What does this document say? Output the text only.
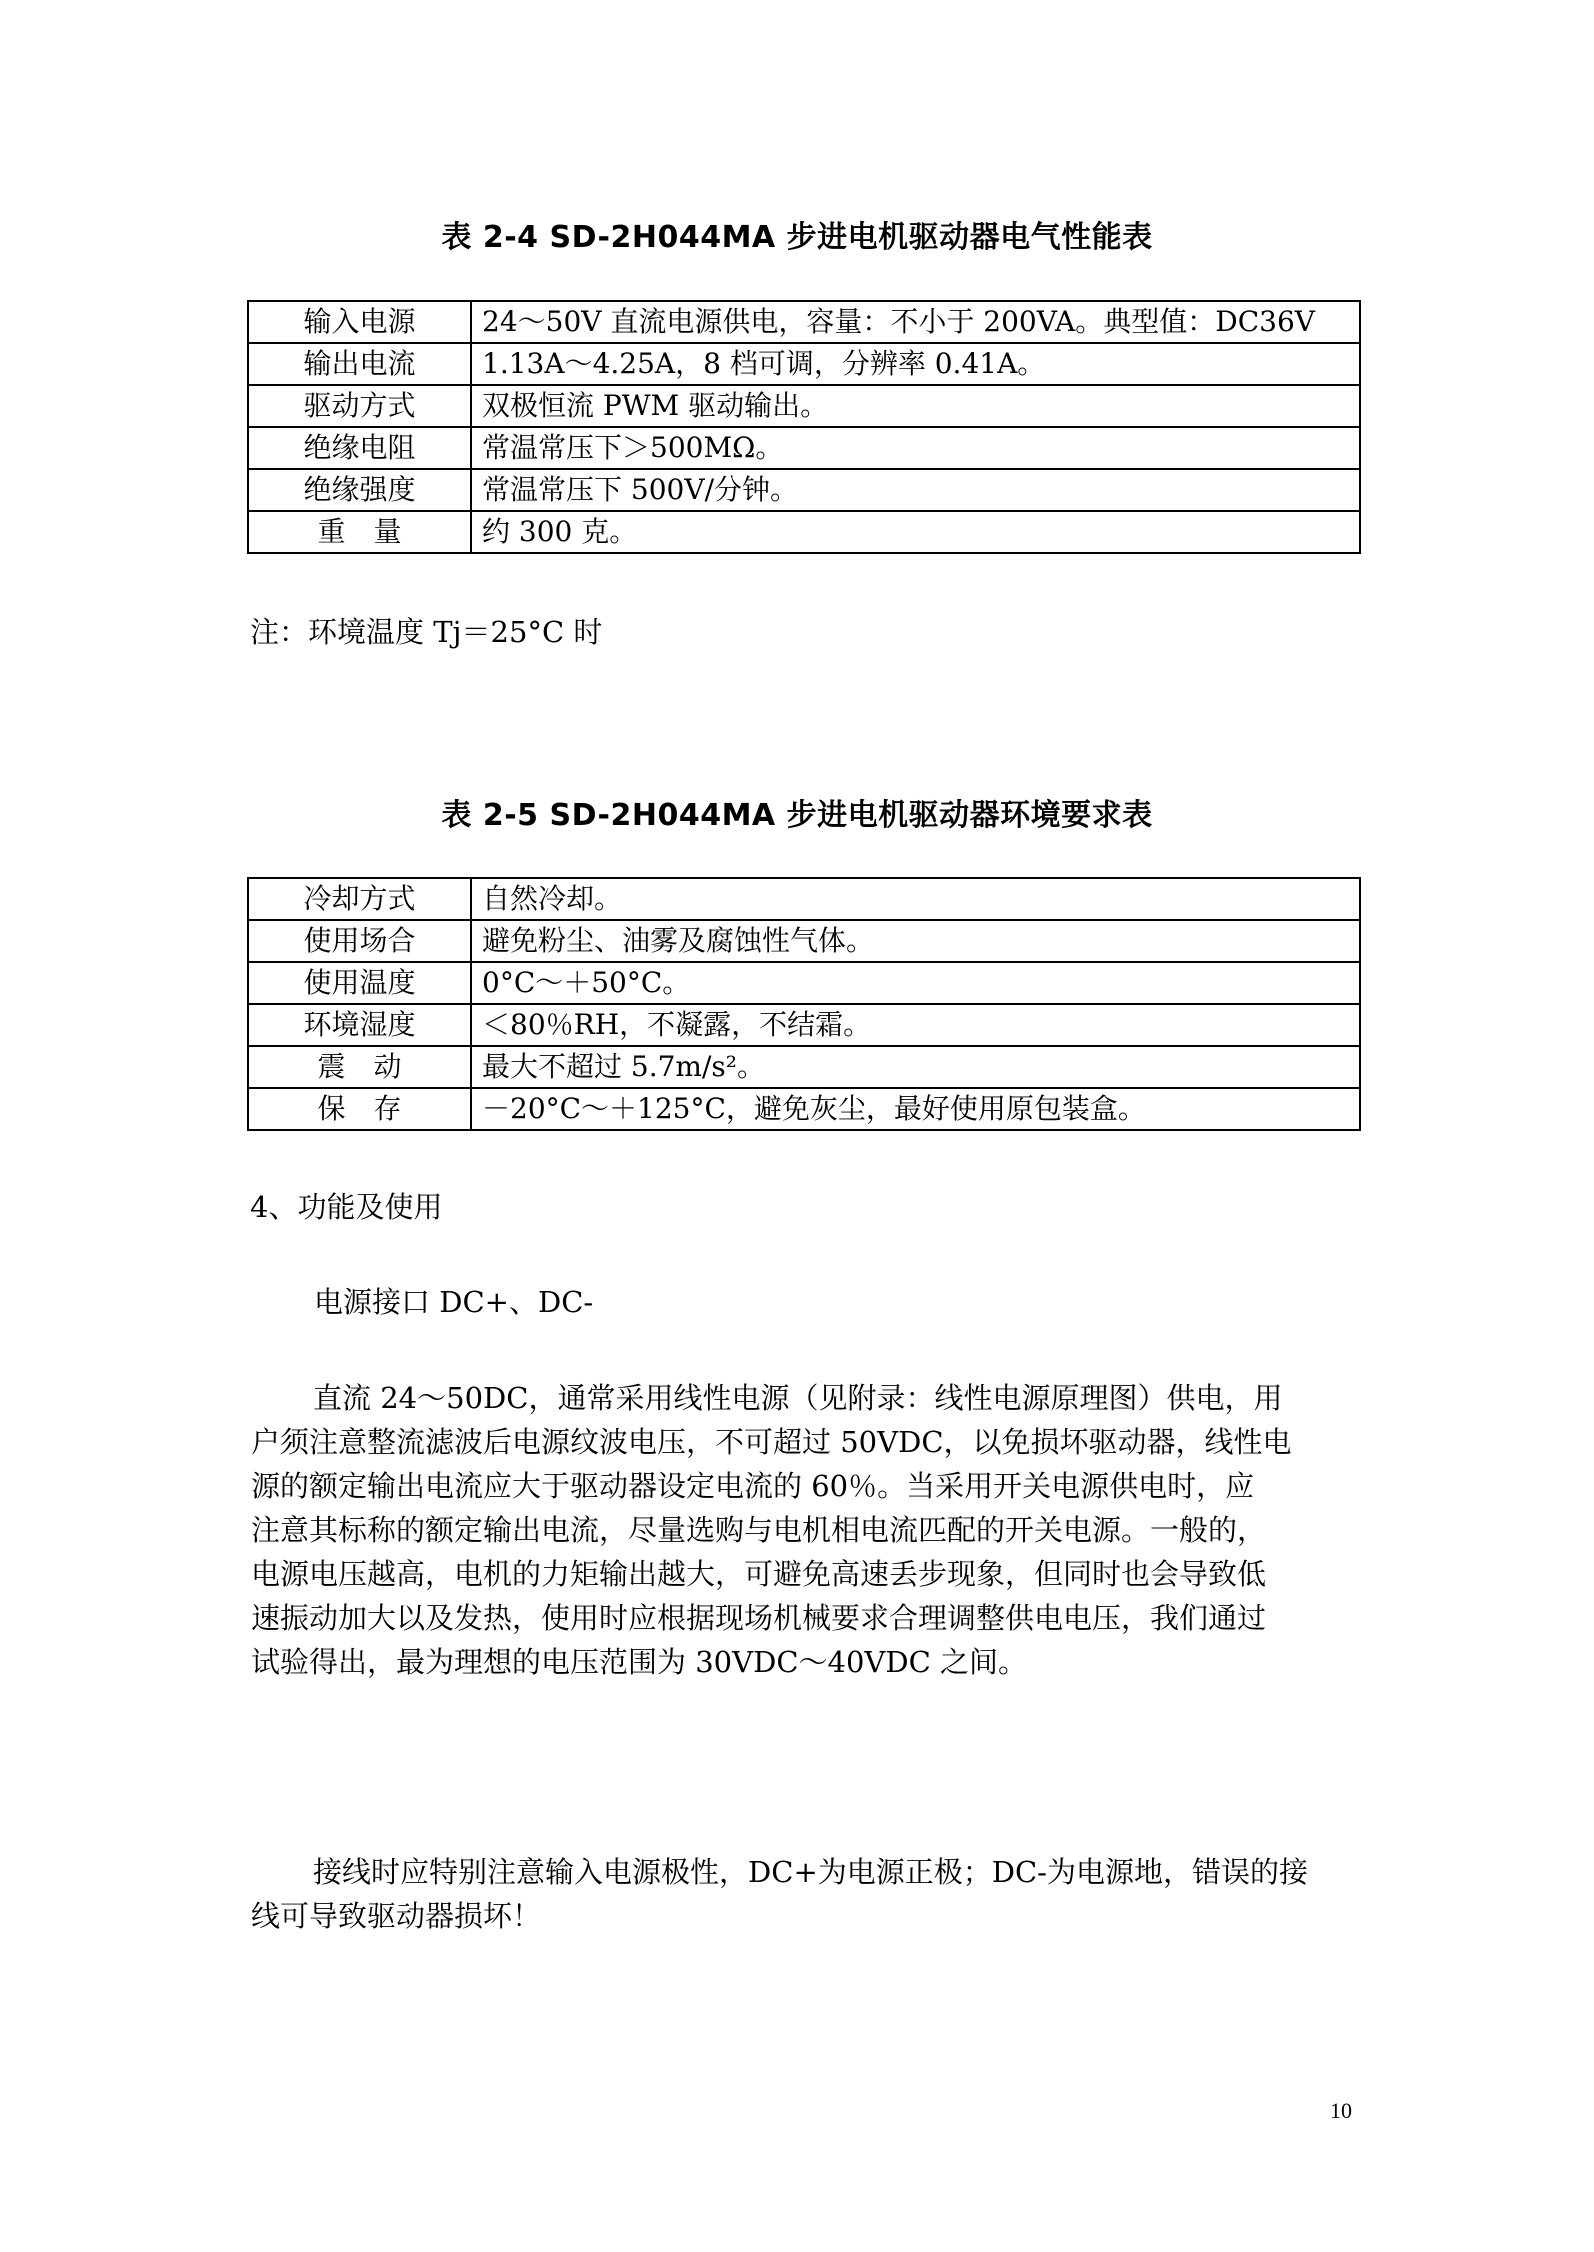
表 2-4 SD-2H044MA 步进电机驱动器电气性能表
输入电源	24～50V 直流电源供电，容量：不小于 200VA。典型值：DC36V
输出电流	1.13A～4.25A，8 档可调，分辨率 0.41A。
驱动方式	双极恒流 PWM 驱动输出。
绝缘电阻	常温常压下＞500MΩ。
绝缘强度	常温常压下 500V/分钟。
重　量	约 300 克。
注：环境温度 Tj＝25°C 时
表 2-5 SD-2H044MA 步进电机驱动器环境要求表
冷却方式	自然冷却。
使用场合	避免粉尘、油雾及腐蚀性气体。
使用温度	0°C～＋50°C。
环境湿度	＜80％RH，不凝露，不结霜。
震　动	最大不超过 5.7m/s²。
保　存	－20°C～＋125°C，避免灰尘，最好使用原包装盒。
4、功能及使用
电源接口 DC+、DC-
直流 24～50DC，通常采用线性电源（见附录：线性电源原理图）供电，用
户须注意整流滤波后电源纹波电压，不可超过 50VDC，以免损坏驱动器，线性电
源的额定输出电流应大于驱动器设定电流的 60％。当采用开关电源供电时，应
注意其标称的额定输出电流，尽量选购与电机相电流匹配的开关电源。一般的，
电源电压越高，电机的力矩输出越大，可避免高速丢步现象，但同时也会导致低
速振动加大以及发热，使用时应根据现场机械要求合理调整供电电压，我们通过
试验得出，最为理想的电压范围为 30VDC～40VDC 之间。
接线时应特别注意输入电源极性，DC+为电源正极；DC-为电源地，错误的接
线可导致驱动器损坏！
10
